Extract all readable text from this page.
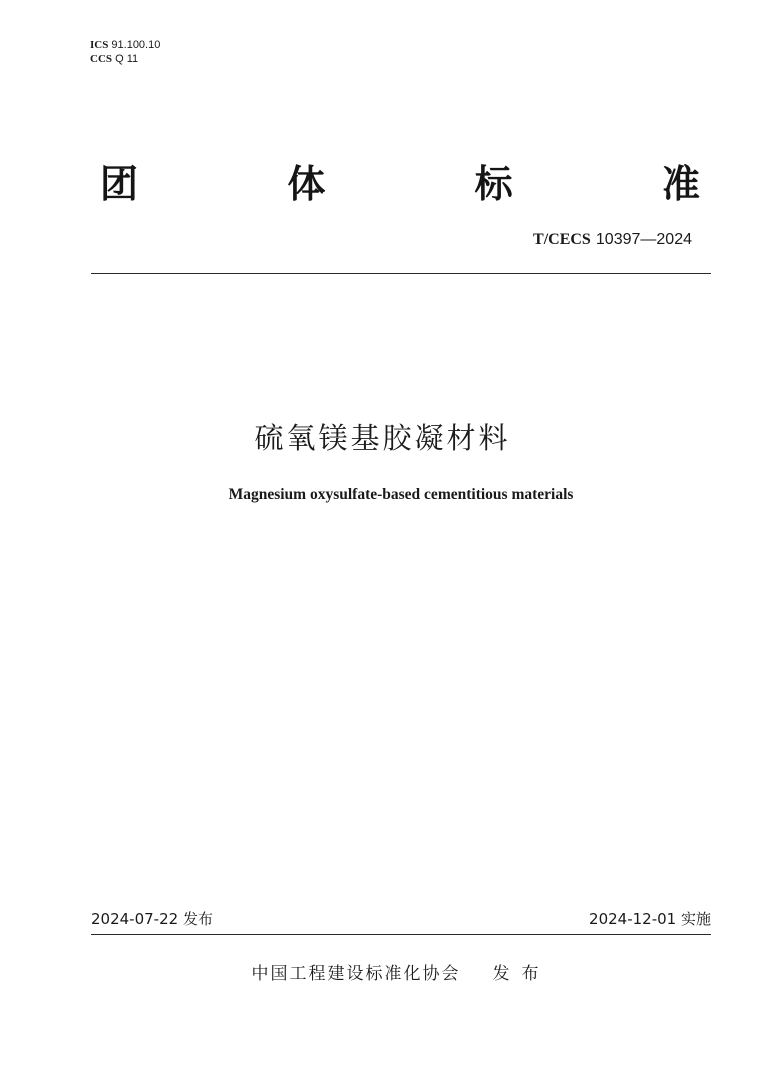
ICS 91.100.10
CCS Q 11
团	体	标	准
T/CECS 10397—2024
硫氧镁基胶凝材料
Magnesium oxysulfate-based cementitious materials
2024-07-22 发布	2024-12-01 实施
中国工程建设标准化协会 发布
